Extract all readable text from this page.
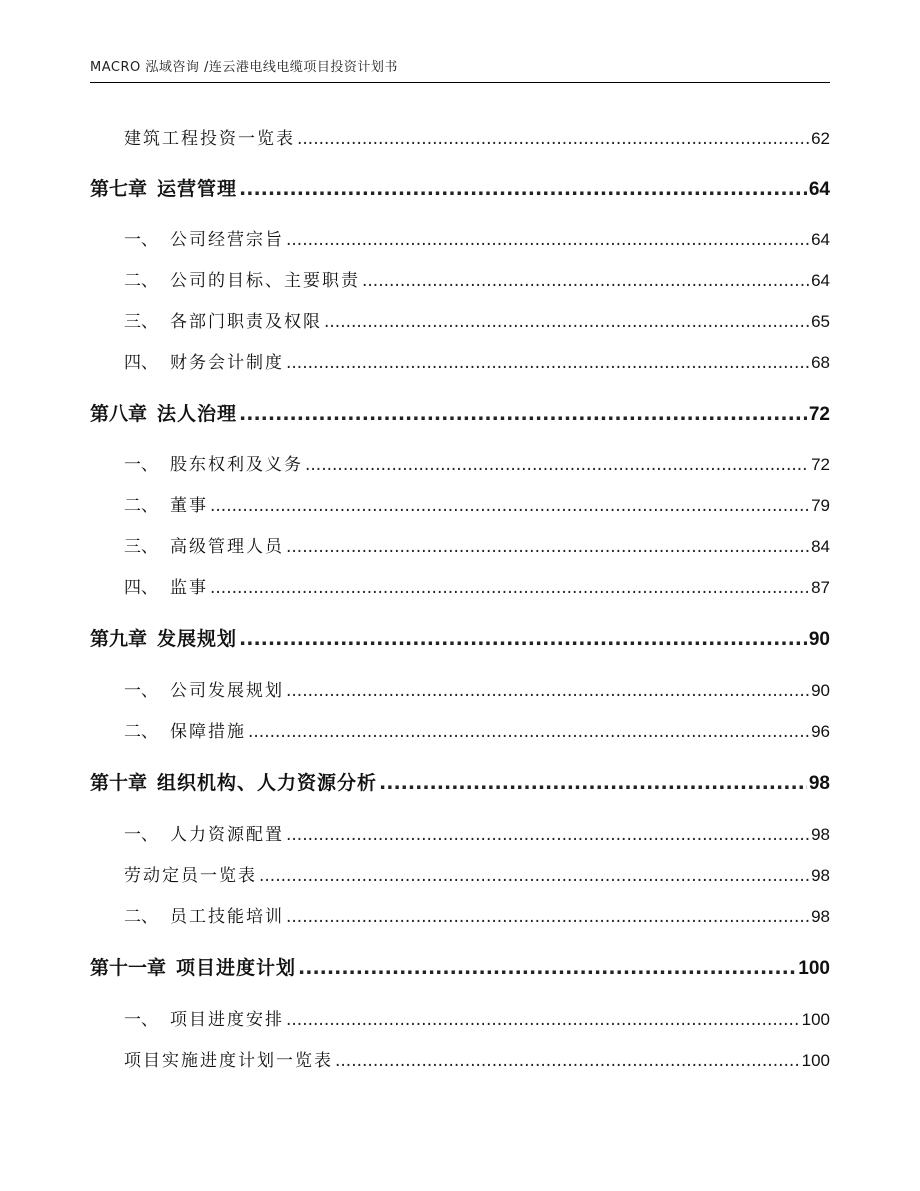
MACRO 泓域咨询 /连云港电线电缆项目投资计划书
建筑工程投资一览表 .....	62
第七章 运营管理 .....	64
一、 公司经营宗旨 .....	64
二、 公司的目标、主要职责 .....	64
三、 各部门职责及权限 .....	65
四、 财务会计制度 .....	68
第八章 法人治理 .....	72
一、 股东权利及义务 .....	72
二、 董事 .....	79
三、 高级管理人员 .....	84
四、 监事 .....	87
第九章 发展规划 .....	90
一、 公司发展规划 .....	90
二、 保障措施 .....	96
第十章 组织机构、人力资源分析 .....	98
一、 人力资源配置 .....	98
劳动定员一览表 .....	98
二、 员工技能培训 .....	98
第十一章 项目进度计划 .....	100
一、 项目进度安排 .....	100
项目实施进度计划一览表 .....	100
